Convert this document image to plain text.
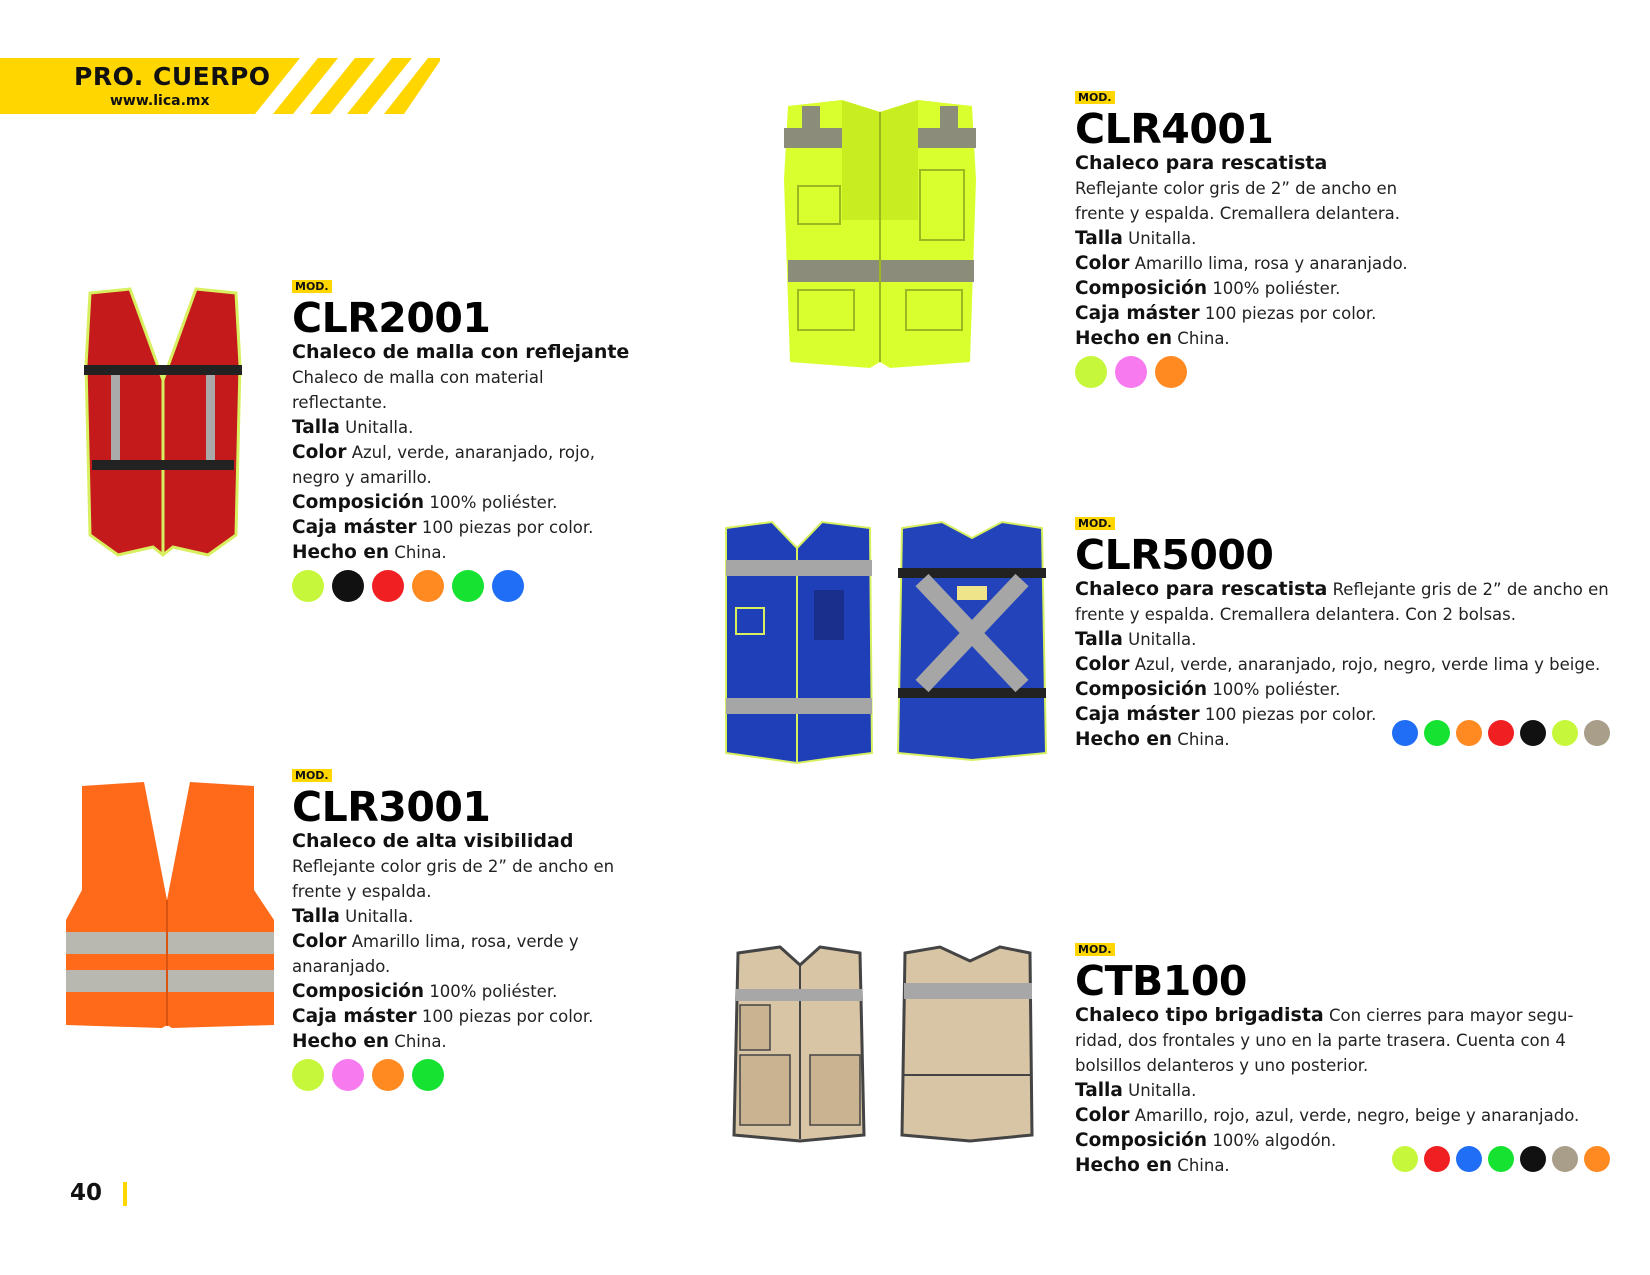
PRO. CUERPO
www.lica.mx
MOD.
CLR2001
Chaleco de malla con reflejante
Chaleco de malla con material reflectante.
Talla Unitalla.
Color Azul, verde, anaranjado, rojo, negro y amarillo.
Composición 100% poliéster.
Caja máster 100 piezas por color.
Hecho en China.
MOD.
CLR4001
Chaleco para rescatista
Reflejante color gris de 2” de ancho en frente y espalda. Cremallera delantera.
Talla Unitalla.
Color Amarillo lima, rosa y anaranjado.
Composición 100% poliéster.
Caja máster 100 piezas por color.
Hecho en China.
MOD.
CLR3001
Chaleco de alta visibilidad
Reflejante color gris de 2” de ancho en frente y espalda.
Talla Unitalla.
Color Amarillo lima, rosa, verde y anaranjado.
Composición 100% poliéster.
Caja máster 100 piezas por color.
Hecho en China.
MOD.
CLR5000
Chaleco para rescatista Reflejante gris de 2” de ancho en frente y espalda. Cremallera delantera. Con 2 bolsas.
Talla Unitalla.
Color Azul, verde, anaranjado, rojo, negro, verde lima y beige.
Composición 100% poliéster.
Caja máster 100 piezas por color.
Hecho en China.
MOD.
CTB100
Chaleco tipo brigadista Con cierres para mayor segu-ridad, dos frontales y uno en la parte trasera. Cuenta con 4 bolsillos delanteros y uno posterior.
Talla Unitalla.
Color Amarillo, rojo, azul, verde, negro, beige y anaranjado.
Composición 100% algodón.
Hecho en China.
40
